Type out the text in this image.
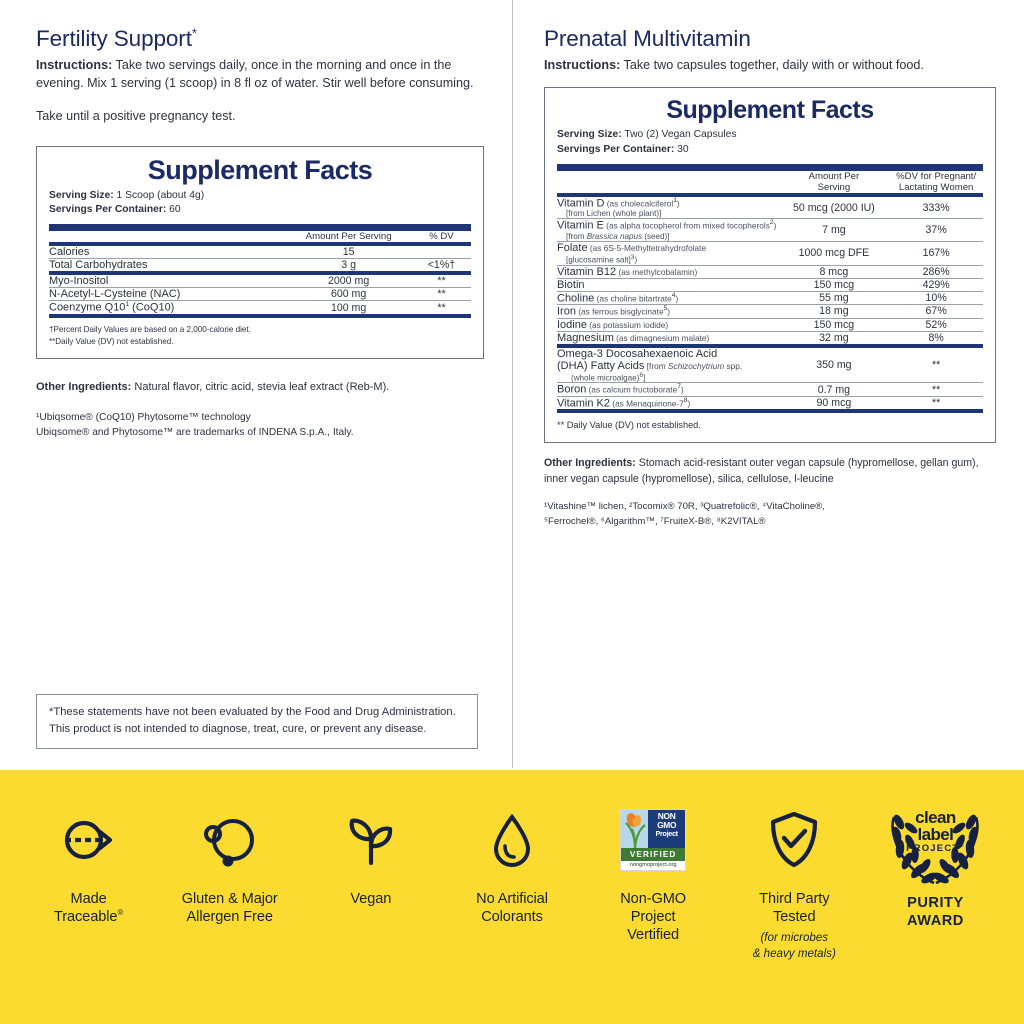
Fertility Support*
Instructions: Take two servings daily, once in the morning and once in the evening. Mix 1 serving (1 scoop) in 8 fl oz of water. Stir well before consuming.
Take until a positive pregnancy test.
Supplement Facts
Serving Size: 1 Scoop (about 4g)
Servings Per Container: 60
	Amount Per Serving	% DV
Calories	15	
Total Carbohydrates	3 g	<1%†
Myo-Inositol	2000 mg	**
N-Acetyl-L-Cysteine (NAC)	600 mg	**
Coenzyme Q10$^1$ (CoQ10)	100 mg	**
†Percent Daily Values are based on a 2,000-calorie diet.
**Daily Value (DV) not established.
Other Ingredients: Natural flavor, citric acid, stevia leaf extract (Reb-M).
¹Ubiqsome® (CoQ10) Phytosome™ technology
Ubiqsome® and Phytosome™ are trademarks of INDENA S.p.A., Italy.
Prenatal Multivitamin
Instructions: Take two capsules together, daily with or without food.
Supplement Facts
Serving Size: Two (2) Vegan Capsules
Servings Per Container: 30
	Amount Per
Serving	%DV for Pregnant/
Lactating Women
Vitamin D (as cholecalciferol$^1$)
[from Lichen (whole plant)]
	50 mcg (2000 IU)	333%
Vitamin E (as alpha tocopherol from mixed tocopherols$^2$)
[from Brassica napus (seed)]
	7 mg	37%
Folate (as 6S-5-Methyltetrahydrofolate
[glucosamine salt]$^3$)
	1000 mcg DFE	167%
Vitamin B12 (as methylcobalamin)	8 mcg	286%
Biotin	150 mcg	429%
Choline (as choline bitartrate$^4$)	55 mg	10%
Iron (as ferrous bisglycinate$^5$)	18 mg	67%
Iodine (as potassium iodide)	150 mcg	52%
Magnesium (as dimagnesium malate)	32 mg	8%
Omega-3 Docosahexaenoic Acid
(DHA) Fatty Acids [from Schizochytrium spp.
(whole microalgae)$^6$]
	350 mg	**
Boron (as calcium fructoborate$^7$)	0.7 mg	**
Vitamin K2 (as Menaquinone-7$^8$)	90 mcg	**
** Daily Value (DV) not established.
Other Ingredients: Stomach acid-resistant outer vegan capsule (hypromellose, gellan gum), inner vegan capsule (hypromellose), silica, cellulose, l-leucine
¹Vitashine™ lichen, ²Tocomix® 70R, ³Quatrefolic®, ⁴VitaCholine®,
⁵Ferrochel®, ⁶Algarithm™, ⁷FruiteX-B®, ⁸K2VITAL®
*These statements have not been evaluated by the Food and Drug Administration.
This product is not intended to diagnose, treat, cure, or prevent any disease.
Made
Traceable®
Gluten & Major
Allergen Free
Vegan	No Artificial
Colorants
NON
GMO
Project
VERIFIED
nongmoproject.org
Non-GMO
Project
Vertified
Third Party
Tested
(for microbes
& heavy metals)
clean
label
PROJECT®
PURITY
AWARD
